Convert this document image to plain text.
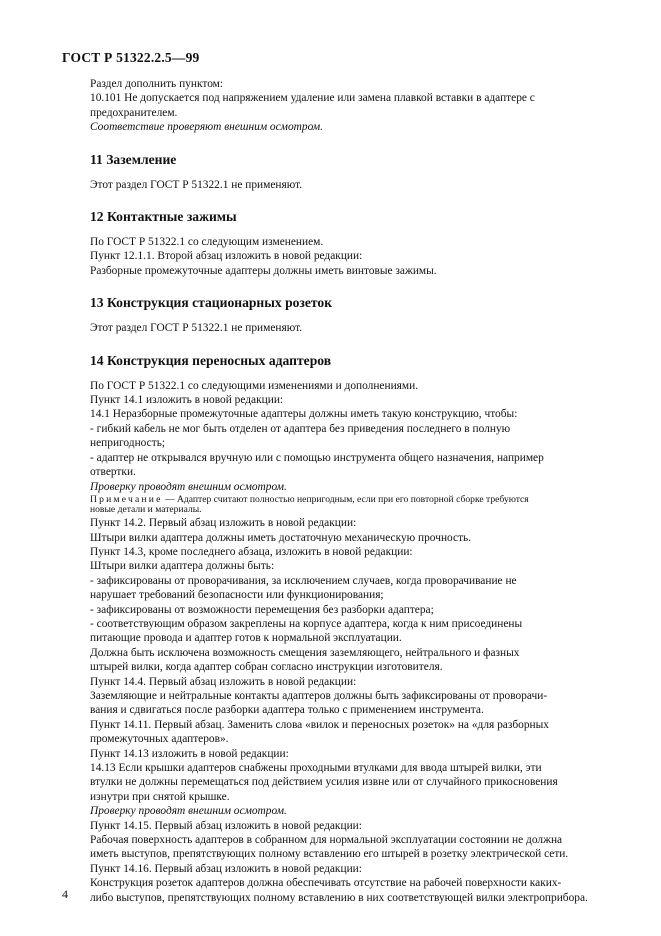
ГОСТ Р 51322.2.5—99

Раздел дополнить пунктом:

10.101 Не допускается под напряжением удаление или замена плавкой вставки в адаптере с

предохранителем.

Соответствие проверяют внешним осмотром.

11 Заземление

Этот раздел ГОСТ Р 51322.1 не применяют.

12 Контактные зажимы

По ГОСТ Р 51322.1 со следующим изменением.

Пункт 12.1.1. Второй абзац изложить в новой редакции:

Разборные промежуточные адаптеры должны иметь винтовые зажимы.

13 Конструкция стационарных розеток

Этот раздел ГОСТ Р 51322.1 не применяют.

14 Конструкция переносных адаптеров

По ГОСТ Р 51322.1 со следующими изменениями и дополнениями.

Пункт 14.1 изложить в новой редакции:

14.1 Неразборные промежуточные адаптеры должны иметь такую конструкцию, чтобы:

- гибкий кабель не мог быть отделен от адаптера без приведения последнего в полную

непригодность;

- адаптер не открывался вручную или с помощью инструмента общего назначения, например

отвертки.

Проверку проводят внешним осмотром.

Примечание — Адаптер считают полностью непригодным, если при его повторной сборке требуются

новые детали и материалы.

Пункт 14.2. Первый абзац изложить в новой редакции:

Штыри вилки адаптера должны иметь достаточную механическую прочность.

Пункт 14.3, кроме последнего абзаца, изложить в новой редакции:

Штыри вилки адаптера должны быть:

- зафиксированы от проворачивания, за исключением случаев, когда проворачивание не

нарушает требований безопасности или функционирования;

- зафиксированы от возможности перемещения без разборки адаптера;

- соответствующим образом закреплены на корпусе адаптера, когда к ним присоединены

питающие провода и адаптер готов к нормальной эксплуатации.

Должна быть исключена возможность смещения заземляющего, нейтрального и фазных

штырей вилки, когда адаптер собран согласно инструкции изготовителя.

Пункт 14.4. Первый абзац изложить в новой редакции:

Заземляющие и нейтральные контакты адаптеров должны быть зафиксированы от проворачи-

вания и сдвигаться после разборки адаптера только с применением инструмента.

Пункт 14.11. Первый абзац. Заменить слова «вилок и переносных розеток» на «для разборных

промежуточных адаптеров».

Пункт 14.13 изложить в новой редакции:

14.13 Если крышки адаптеров снабжены проходными втулками для ввода штырей вилки, эти

втулки не должны перемещаться под действием усилия извне или от случайного прикосновения

изнутри при снятой крышке.

Проверку проводят внешним осмотром.

Пункт 14.15. Первый абзац изложить в новой редакции:

Рабочая поверхность адаптеров в собранном для нормальной эксплуатации состоянии не должна

иметь выступов, препятствующих полному вставлению его штырей в розетку электрической сети.

Пункт 14.16. Первый абзац изложить в новой редакции:

Конструкция розеток адаптеров должна обеспечивать отсутствие на рабочей поверхности каких-

либо выступов, препятствующих полному вставлению в них соответствующей вилки электроприбора.

4
